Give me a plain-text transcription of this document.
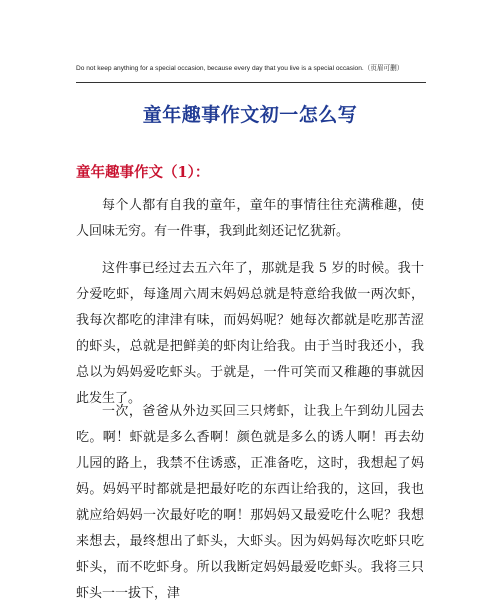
Do not keep anything for a special occasion, because every day that you live is a special occasion.（页眉可删）
童年趣事作文初一怎么写
童年趣事作文（1）：
每个人都有自我的童年，童年的事情往往充满稚趣，使人回味无穷。有一件事，我到此刻还记忆犹新。
这件事已经过去五六年了，那就是我 5 岁的时候。我十分爱吃虾，每逢周六周末妈妈总就是特意给我做一两次虾，我每次都吃的津津有味，而妈妈呢？她每次都就是吃那苦涩的虾头，总就是把鲜美的虾肉让给我。由于当时我还小，我总以为妈妈爱吃虾头。于就是，一件可笑而又稚趣的事就因此发生了。
一次，爸爸从外边买回三只烤虾，让我上午到幼儿园去吃。啊！虾就是多么香啊！颜色就是多么的诱人啊！再去幼儿园的路上，我禁不住诱惑，正准备吃，这时，我想起了妈妈。妈妈平时都就是把最好吃的东西让给我的，这回，我也就应给妈妈一次最好吃的啊！那妈妈又最爱吃什么呢？我想来想去，最终想出了虾头，大虾头。因为妈妈每次吃虾只吃虾头，而不吃虾身。所以我断定妈妈最爱吃虾头。我将三只虾头一一拔下，津
